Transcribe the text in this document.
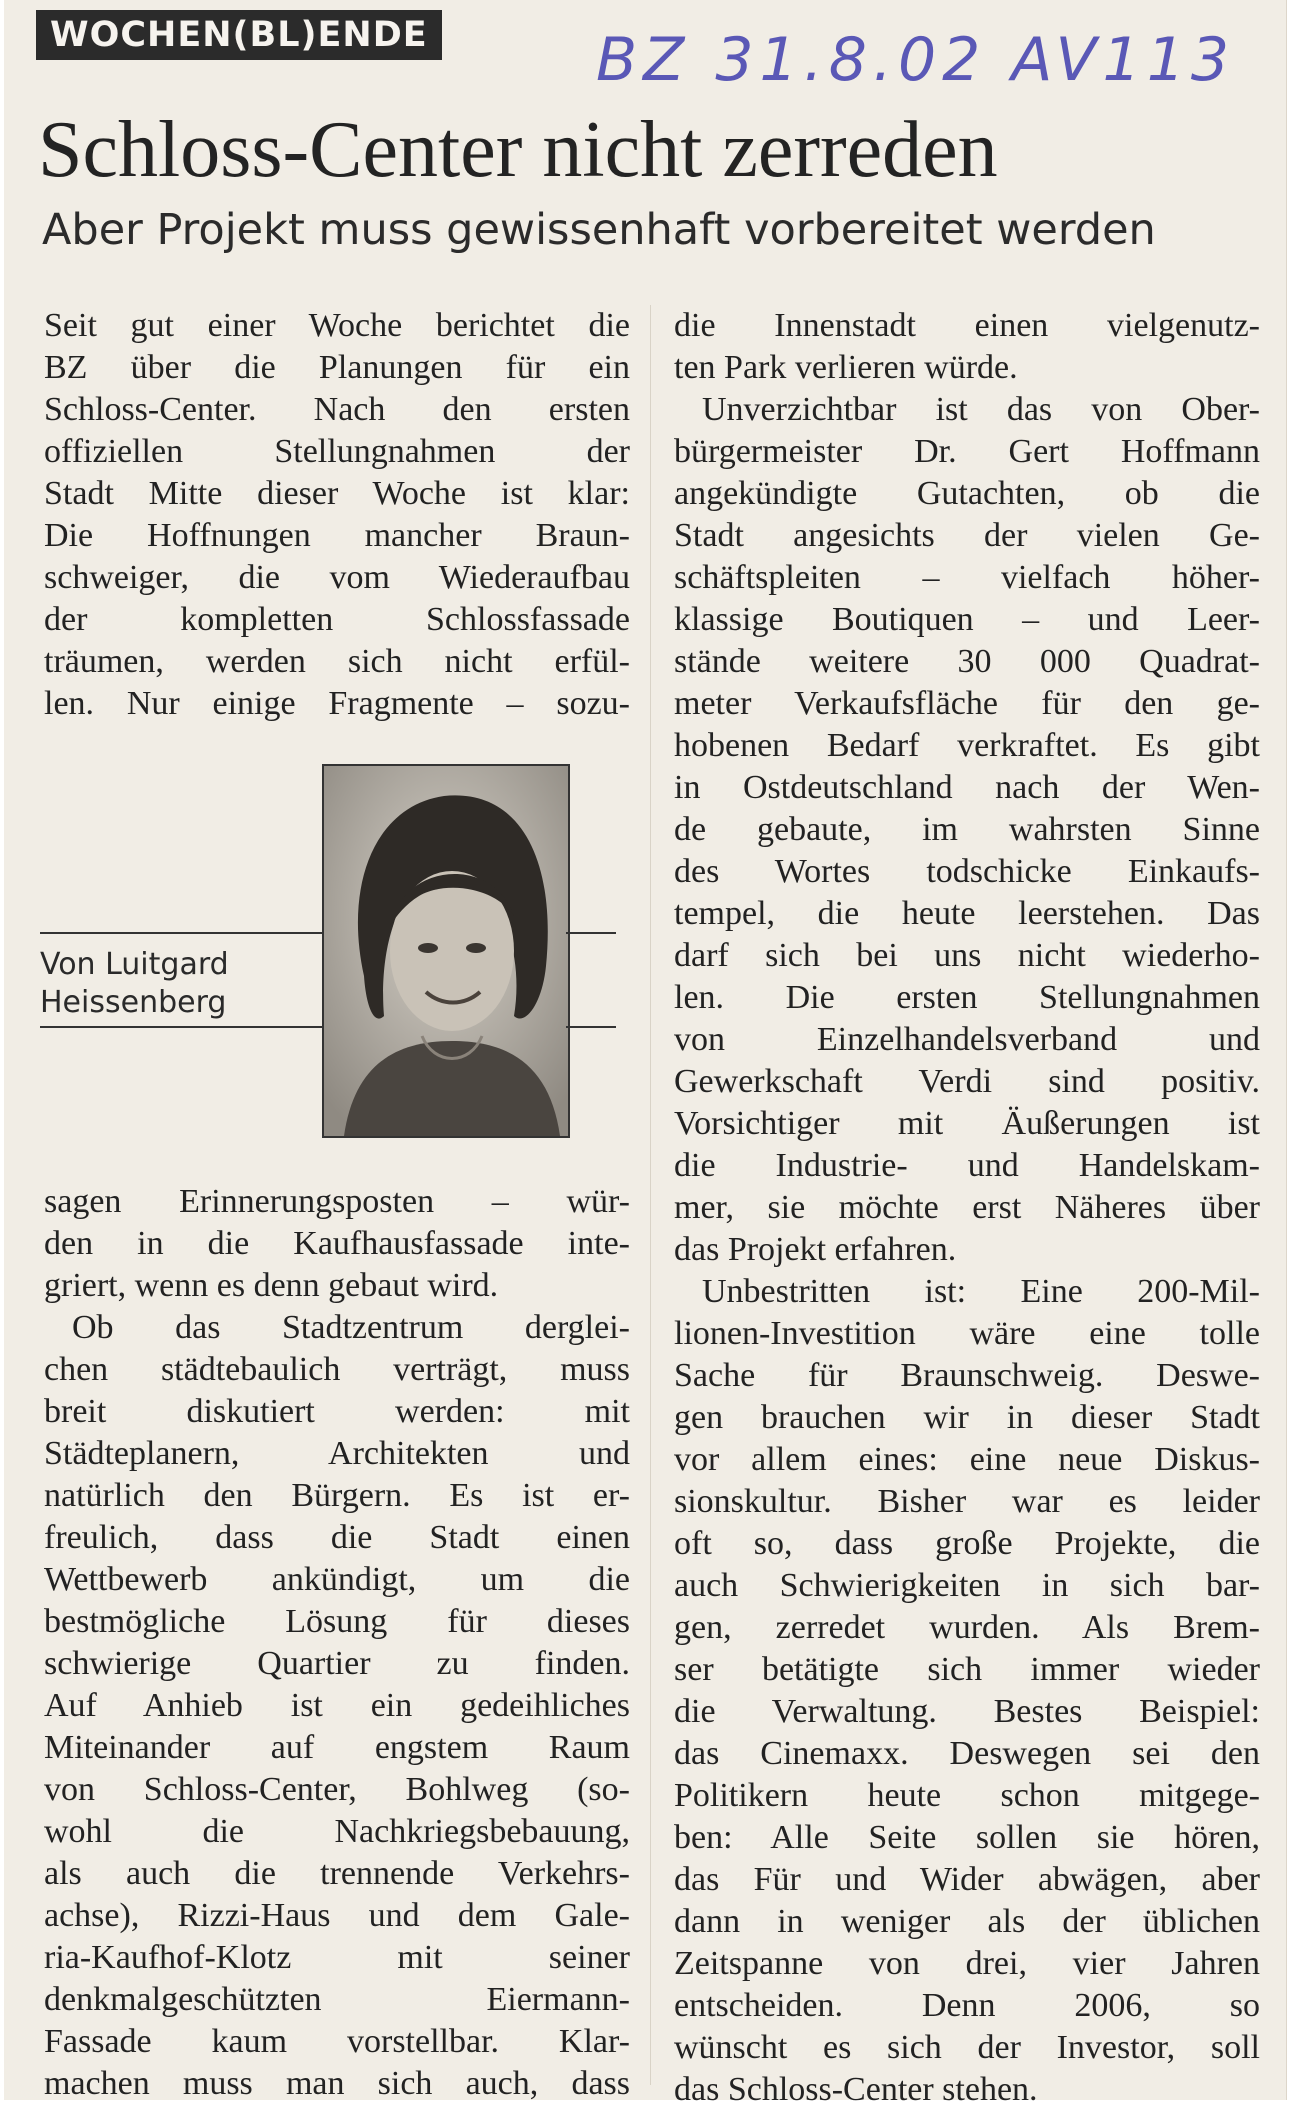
WOCHEN(BL)ENDE	BZ 31.8.02 AV113
Schloss-Center nicht zerreden
Aber Projekt muss gewissenhaft vorbereitet werden
Seit gut einer Woche berichtet die
BZ über die Planungen für ein
Schloss-Center. Nach den ersten
offiziellen Stellungnahmen der
Stadt Mitte dieser Woche ist klar:
Die Hoffnungen mancher Braun-
schweiger, die vom Wiederaufbau
der kompletten Schlossfassade
träumen, werden sich nicht erfül-
len. Nur einige Fragmente – sozu-
Von Luitgard
Heissenberg
sagen Erinnerungsposten – wür-
den in die Kaufhausfassade inte-
griert, wenn es denn gebaut wird.
Ob das Stadtzentrum derglei-
chen städtebaulich verträgt, muss
breit diskutiert werden: mit
Städteplanern, Architekten und
natürlich den Bürgern. Es ist er-
freulich, dass die Stadt einen
Wettbewerb ankündigt, um die
bestmögliche Lösung für dieses
schwierige Quartier zu finden.
Auf Anhieb ist ein gedeihliches
Miteinander auf engstem Raum
von Schloss-Center, Bohlweg (so-
wohl die Nachkriegsbebauung,
als auch die trennende Verkehrs-
achse), Rizzi-Haus und dem Gale-
ria-Kaufhof-Klotz mit seiner
denkmalgeschützten Eiermann-
Fassade kaum vorstellbar. Klar-
machen muss man sich auch, dass
die Innenstadt einen vielgenutz-
ten Park verlieren würde.
Unverzichtbar ist das von Ober-
bürgermeister Dr. Gert Hoffmann
angekündigte Gutachten, ob die
Stadt angesichts der vielen Ge-
schäftspleiten – vielfach höher-
klassige Boutiquen – und Leer-
stände weitere 30 000 Quadrat-
meter Verkaufsfläche für den ge-
hobenen Bedarf verkraftet. Es gibt
in Ostdeutschland nach der Wen-
de gebaute, im wahrsten Sinne
des Wortes todschicke Einkaufs-
tempel, die heute leerstehen. Das
darf sich bei uns nicht wiederho-
len. Die ersten Stellungnahmen
von Einzelhandelsverband und
Gewerkschaft Verdi sind positiv.
Vorsichtiger mit Äußerungen ist
die Industrie- und Handelskam-
mer, sie möchte erst Näheres über
das Projekt erfahren.
Unbestritten ist: Eine 200-Mil-
lionen-Investition wäre eine tolle
Sache für Braunschweig. Deswe-
gen brauchen wir in dieser Stadt
vor allem eines: eine neue Diskus-
sionskultur. Bisher war es leider
oft so, dass große Projekte, die
auch Schwierigkeiten in sich bar-
gen, zerredet wurden. Als Brem-
ser betätigte sich immer wieder
die Verwaltung. Bestes Beispiel:
das Cinemaxx. Deswegen sei den
Politikern heute schon mitgege-
ben: Alle Seite sollen sie hören,
das Für und Wider abwägen, aber
dann in weniger als der üblichen
Zeitspanne von drei, vier Jahren
entscheiden. Denn 2006, so
wünscht es sich der Investor, soll
das Schloss-Center stehen.
